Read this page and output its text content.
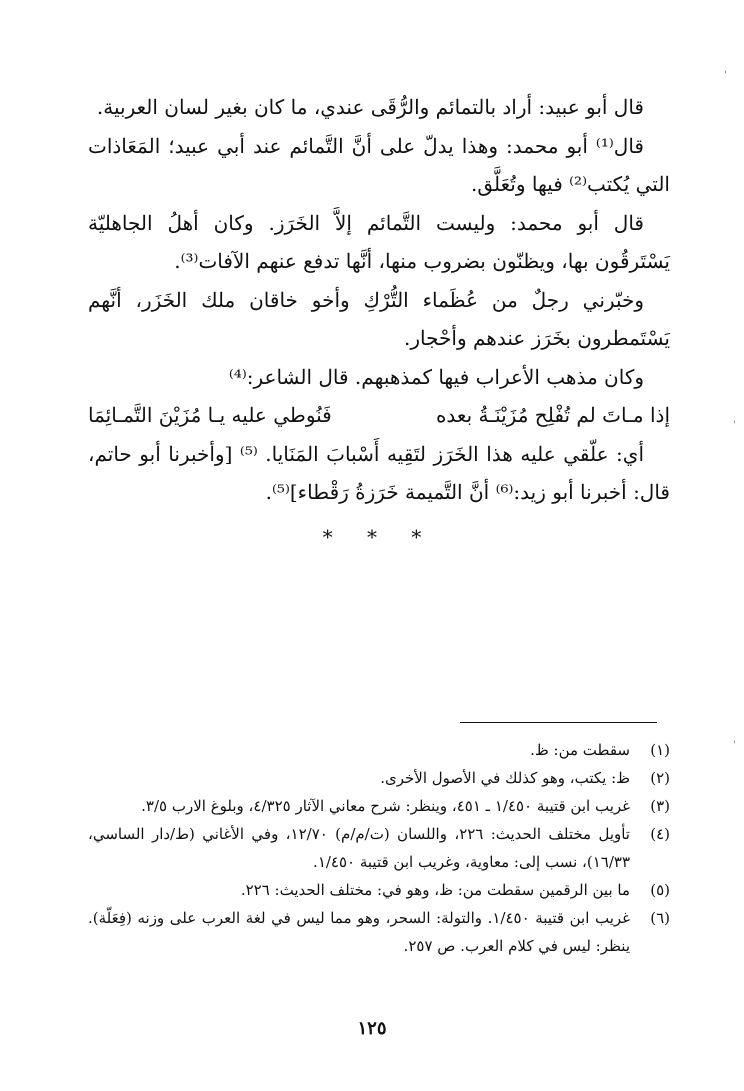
قال أبو عبيد: أراد بالتمائم والرُّقَى عندي، ما كان بغير لسان العربية.

قال⁽¹⁾ أبو محمد: وهذا يدلّ على أنَّ التَّمائم عند أبي عبيد؛ المَعَاذات التي يُكتب⁽²⁾ فيها وتُعَلَّق.

قال أبو محمد: وليست التَّمائم إلاَّ الخَرَز. وكان أهلُ الجاهليّة يَسْتَرقُون بها، ويظنّون بضروب منها، أنَّها تدفع عنهم الآفات⁽³⁾.

وخبّرني رجلٌ من عُظَماء التُّرْكِ وأخو خاقان ملك الخَزَر، أنَّهم يَسْتَمطرون بخَرَز عندهم وأحْجار.

وكان مذهب الأعراب فيها كمذهبهم. قال الشاعر:⁽⁴⁾

إذا مـاتَ لم تُفْلِح مُزَيْنَـةُ بعده
فَنُوطي عليه يـا مُزَيْنَ التَّمـائِمَا

أي: علّقي عليه هذا الخَرَز لتَقِيه أَسْبابَ المَنَايا. ⁽⁵⁾ [وأخبرنا أبو حاتم، قال: أخبرنا أبو زيد:⁽⁶⁾ أنَّ التَّميمة خَرَزةُ رَقْطاء]⁽⁵⁾.

* * *
(١)
سقطت من: ظ.
(٢)
ظ: يكتب، وهو كذلك في الأصول الأخرى.
(٣)
غريب ابن قتيبة ١/٤٥٠ ـ ٤٥١، وينظر: شرح معاني الآثار ٤/٣٢٥، وبلوغ الارب ٣/٥.
(٤)
تأويل مختلف الحديث: ٢٢٦، واللسان (ت/م/م) ١٢/٧٠، وفي الأغاني (ط/دار الساسي، ١٦/٣٣)، نسب إلى: معاوية، وغريب ابن قتيبة ١/٤٥٠.
(٥)
ما بين الرقمين سقطت من: ظ، وهو في: مختلف الحديث: ٢٢٦.
(٦)
غريب ابن قتيبة ١/٤٥٠. والتولة: السحر، وهو مما ليس في لغة العرب على وزنه (فِعَلّة). ينظر: ليس في كلام العرب. ص ٢٥٧.
١٢٥
'
'
'
